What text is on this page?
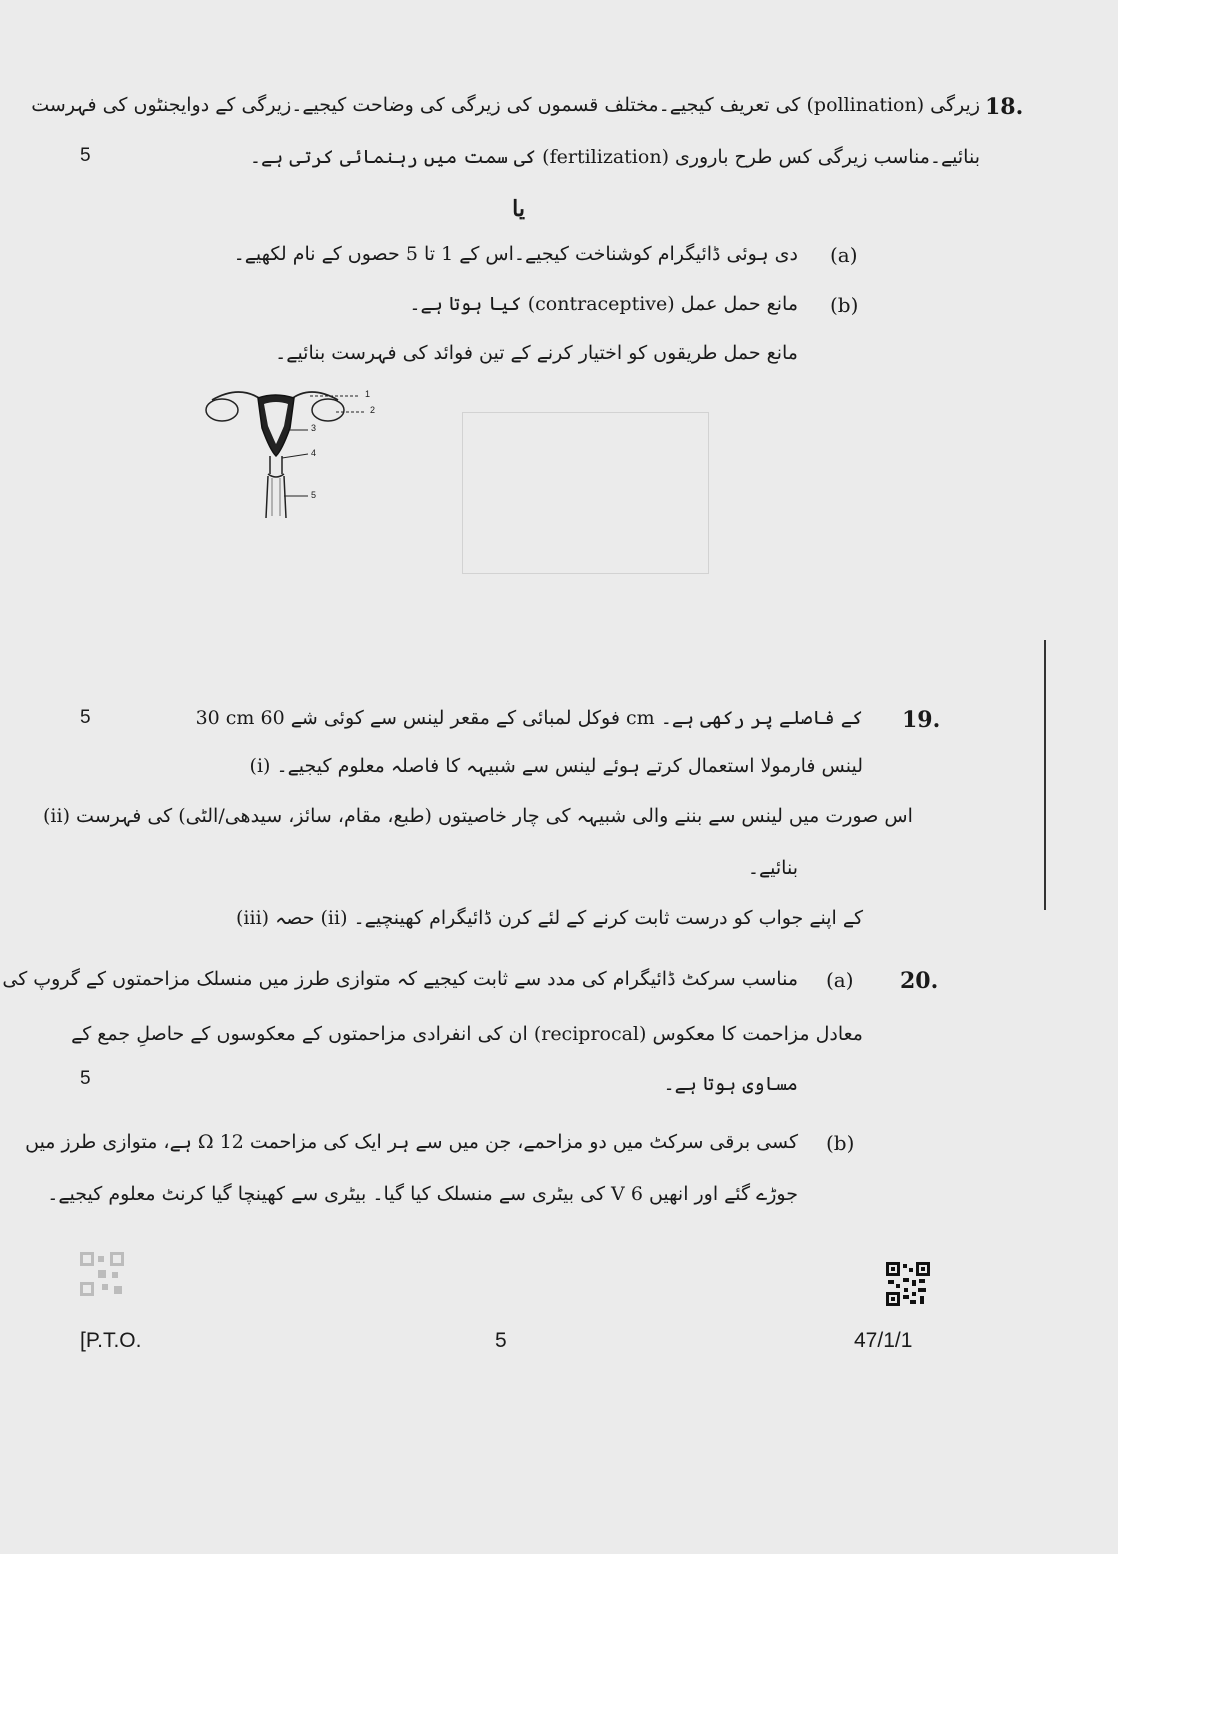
18.
5
زیرگی (pollination) کی تعریف کیجیے۔مختلف قسموں کی زیرگی کی وضاحت کیجیے۔زیرگی کے دوایجنٹوں کی فہرست
بنائیے۔مناسب زیرگی کس طرح باروری (fertilization) کی سمت میں رہنمائی کرتی ہے۔
یا
(a)
دی ہوئی ڈائیگرام کوشناخت کیجیے۔اس کے 1 تا 5 حصوں کے نام لکھیے۔
(b)
مانع حمل عمل (contraceptive) کیا ہوتا ہے۔
مانع حمل طریقوں کو اختیار کرنے کے تین فوائد کی فہرست بنائیے۔
1
2
3
4
5
19.
5	30 cm فوکل لمبائی کے مقعر لینس سے کوئی شے 60 cm کے فاصلے پر رکھی ہے۔
(i) لینس فارمولا استعمال کرتے ہوئے لینس سے شبیہہ کا فاصلہ معلوم کیجیے۔
(ii) اس صورت میں لینس سے بننے والی شبیہہ کی چار خاصیتوں (طبع، مقام، سائز، سیدھی/الٹی) کی فہرست
بنائیے۔
(iii) حصہ (ii) کے اپنے جواب کو درست ثابت کرنے کے لئے کرن ڈائیگرام کھینچیے۔
20.
5
(a)
مناسب سرکٹ ڈائیگرام کی مدد سے ثابت کیجیے کہ متوازی طرز میں منسلک مزاحمتوں کے گروپ کی
معادل مزاحمت کا معکوس (reciprocal) ان کی انفرادی مزاحمتوں کے معکوسوں کے حاصلِ جمع کے
مساوی ہوتا ہے۔
(b)
کسی برقی سرکٹ میں دو مزاحمے، جن میں سے ہر ایک کی مزاحمت 12 Ω ہے، متوازی طرز میں
جوڑے گئے اور انھیں 6 V کی بیٹری سے منسلک کیا گیا۔ بیٹری سے کھینچا گیا کرنٹ معلوم کیجیے۔
[P.T.O.	5	47/1/1
